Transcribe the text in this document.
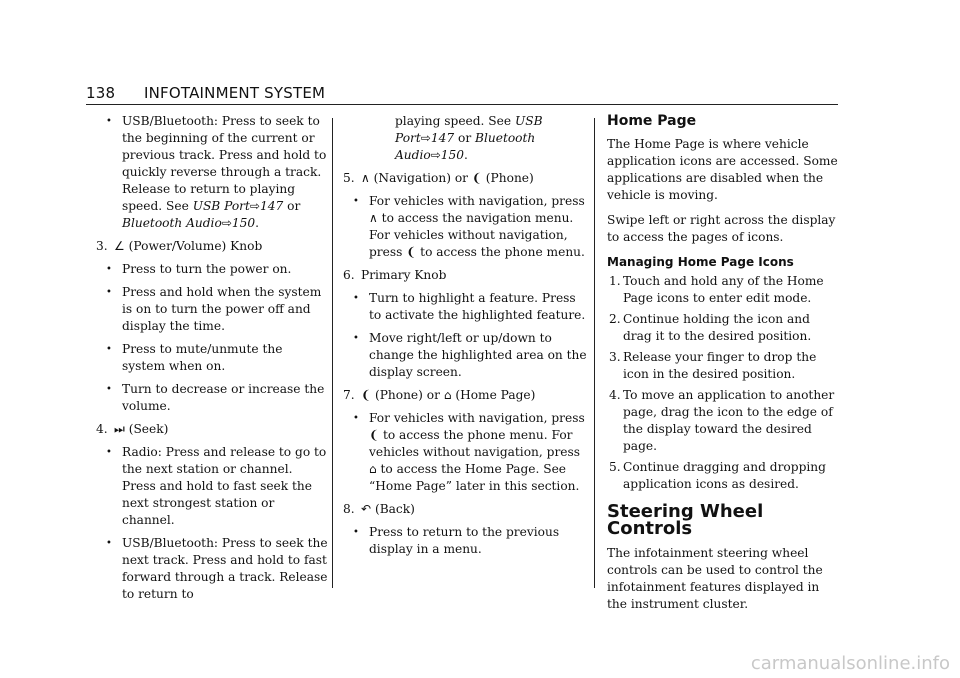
138 INFOTAINMENT SYSTEM
• USB/Bluetooth: Press to seek to the beginning of the current or previous track. Press and hold to quickly reverse through a track. Release to return to playing speed. See USB Port⇨147 or Bluetooth Audio⇨150.
3. ∠ (Power/Volume) Knob
• Press to turn the power on.
• Press and hold when the system is on to turn the power off and display the time.
• Press to mute/unmute the system when on.
• Turn to decrease or increase the volume.
4. ⏭ (Seek)
• Radio: Press and release to go to the next station or channel. Press and hold to fast seek the next strongest station or channel.
• USB/Bluetooth: Press to seek the next track. Press and hold to fast forward through a track. Release to return to
playing speed. See USB Port⇨147 or Bluetooth Audio⇨150.
5. ∧ (Navigation) or ❨ (Phone)
• For vehicles with navigation, press ∧ to access the navigation menu. For vehicles without navigation, press ❨ to access the phone menu.
6. Primary Knob
• Turn to highlight a feature. Press to activate the highlighted feature.
• Move right/left or up/down to change the highlighted area on the display screen.
7. ❨ (Phone) or ⌂ (Home Page)
• For vehicles with navigation, press ❨ to access the phone menu. For vehicles without navigation, press ⌂ to access the Home Page. See “Home Page” later in this section.
8. ↶ (Back)
• Press to return to the previous display in a menu.
Home Page
The Home Page is where vehicle application icons are accessed. Some applications are disabled when the vehicle is moving.
Swipe left or right across the display to access the pages of icons.
Managing Home Page Icons
1. Touch and hold any of the Home Page icons to enter edit mode.
2. Continue holding the icon and drag it to the desired position.
3. Release your finger to drop the icon in the desired position.
4. To move an application to another page, drag the icon to the edge of the display toward the desired page.
5. Continue dragging and dropping application icons as desired.
Steering Wheel Controls
The infotainment steering wheel controls can be used to control the infotainment features displayed in the instrument cluster.
carmanualsonline.info
